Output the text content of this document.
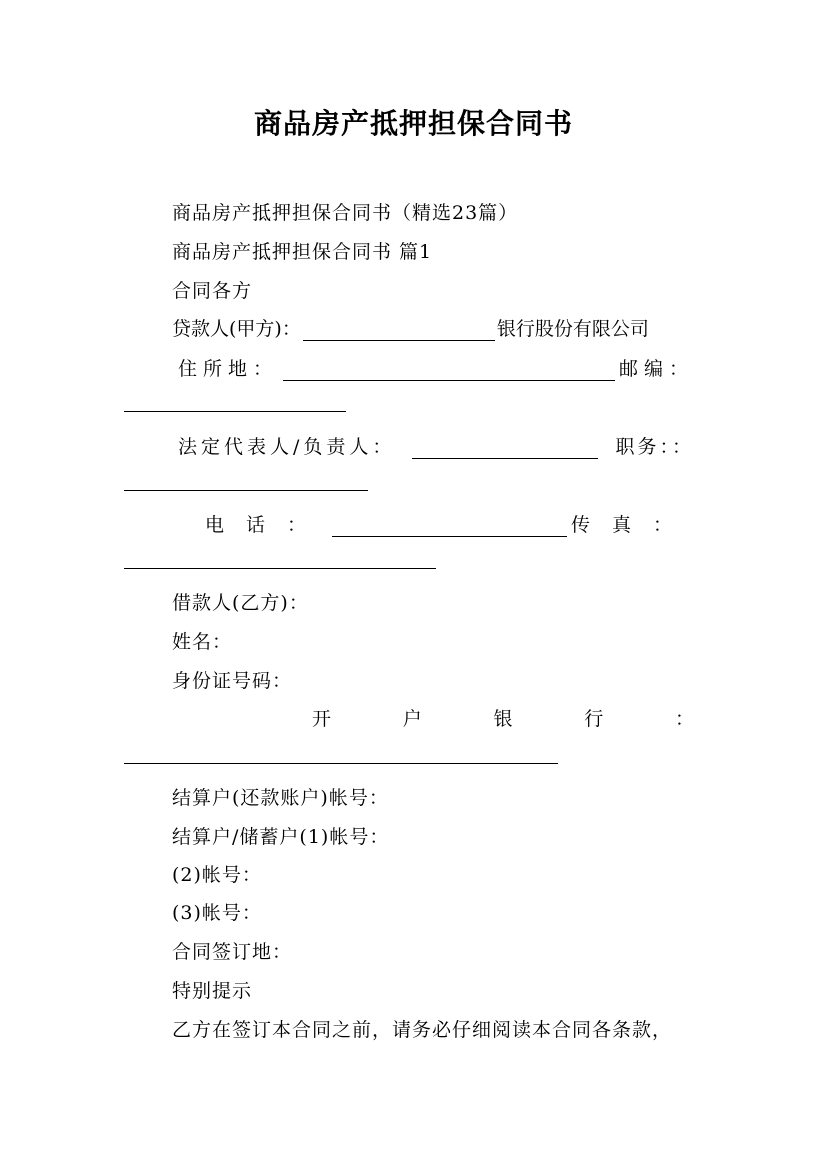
商品房产抵押担保合同书
商品房产抵押担保合同书（精选23篇）
商品房产抵押担保合同书 篇1
合同各方
贷款人(甲方)：	银行股份有限公司
住所地：	邮编：
法定代表人/负责人：	职务：：
电话：	传真：
借款人(乙方)：
姓名：
身份证号码：
开	户	银	行	：
结算户(还款账户)帐号：
结算户/储蓄户(1)帐号：
(2)帐号：
(3)帐号：
合同签订地：
特别提示
乙方在签订本合同之前，请务必仔细阅读本合同各条款，
